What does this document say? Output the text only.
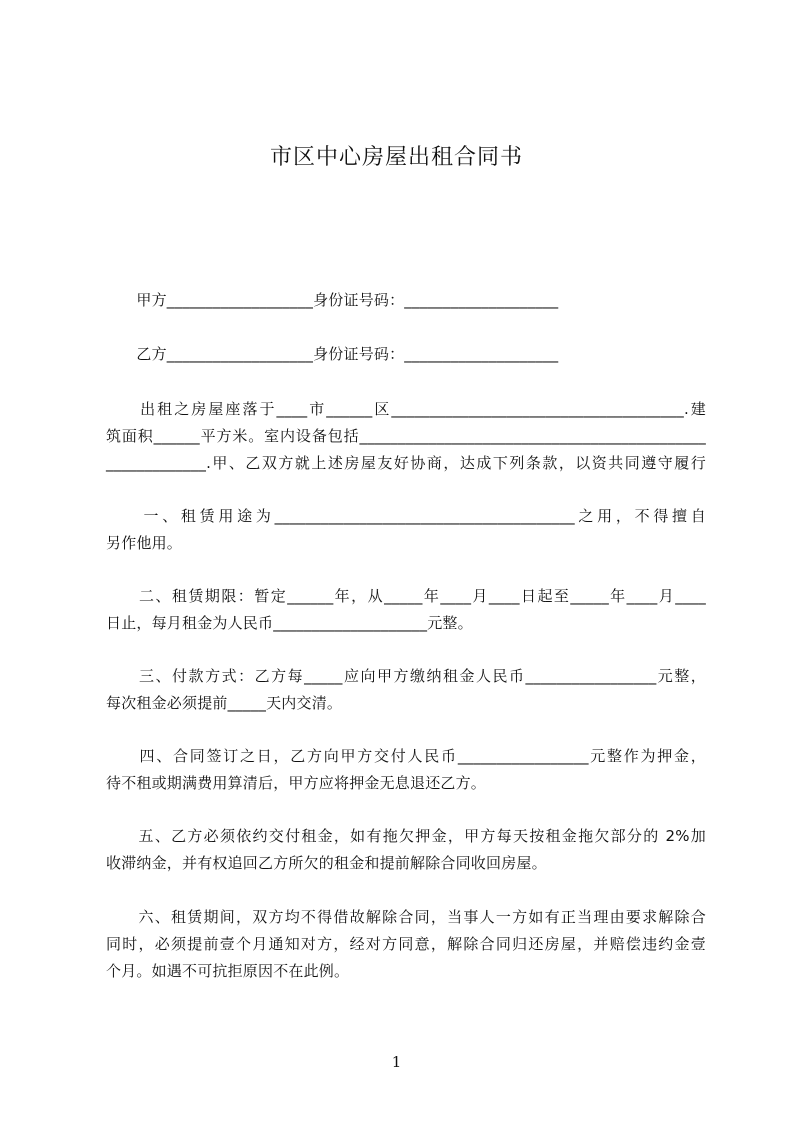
市区中心房屋出租合同书
　　甲方___________________身份证号码：____________________
　　乙方___________________身份证号码：____________________
　　出租之房屋座落于____市______区______________________________________.建
筑面积______平方米。室内设备包括_____________________________________________
_____________.甲、乙双方就上述房屋友好协商，达成下列条款，以资共同遵守履行
　　一、租赁用途为_______________________________________之用，不得擅自
另作他用。
　　二、租赁期限：暂定______年，从_____年____月____日起至_____年____月____
日止，每月租金为人民币____________________元整。
　　三、付款方式：乙方每_____应向甲方缴纳租金人民币_________________元整，
每次租金必须提前_____天内交清。
　　四、合同签订之日，乙方向甲方交付人民币_________________元整作为押金，
待不租或期满费用算清后，甲方应将押金无息退还乙方。
　　五、乙方必须依约交付租金，如有拖欠押金，甲方每天按租金拖欠部分的 2%加
收滞纳金，并有权追回乙方所欠的租金和提前解除合同收回房屋。
　　六、租赁期间，双方均不得借故解除合同，当事人一方如有正当理由要求解除合
同时，必须提前壹个月通知对方，经对方同意，解除合同归还房屋，并赔偿违约金壹
个月。如遇不可抗拒原因不在此例。
1
